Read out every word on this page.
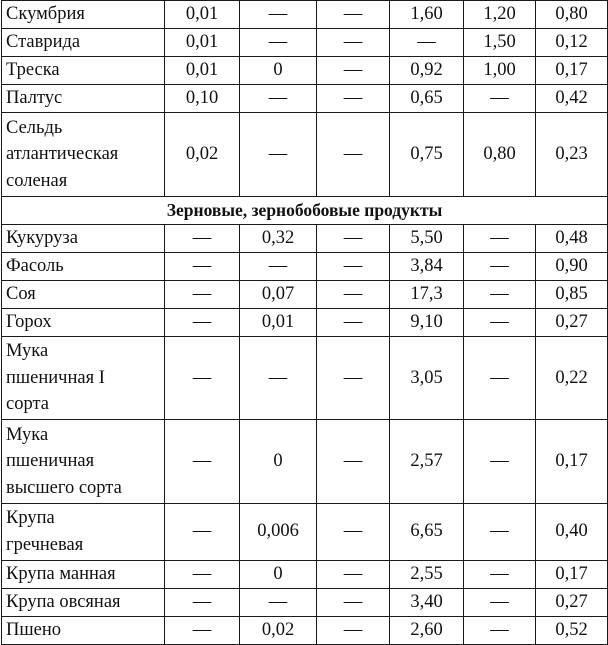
Скумбрия	0,01	—	—	1,60	1,20	0,80
Ставрида	0,01	—	—	—	1,50	0,12
Треска	0,01	0	—	0,92	1,00	0,17
Палтус	0,10	—	—	0,65	—	0,42
Сельдь
атлантическая
соленая	0,02	—	—	0,75	0,80	0,23
Зерновые, зернобобовые продукты						
Кукуруза	—	0,32	—	5,50	—	0,48
Фасоль	—	—	—	3,84	—	0,90
Соя	—	0,07	—	17,3	—	0,85
Горох	—	0,01	—	9,10	—	0,27
Мука
пшеничная I
сорта	—	—	—	3,05	—	0,22
Мука
пшеничная
высшего сорта	—	0	—	2,57	—	0,17
Крупа
гречневая	—	0,006	—	6,65	—	0,40
Крупа манная	—	0	—	2,55	—	0,17
Крупа овсяная	—	—	—	3,40	—	0,27
Пшено	—	0,02	—	2,60	—	0,52
